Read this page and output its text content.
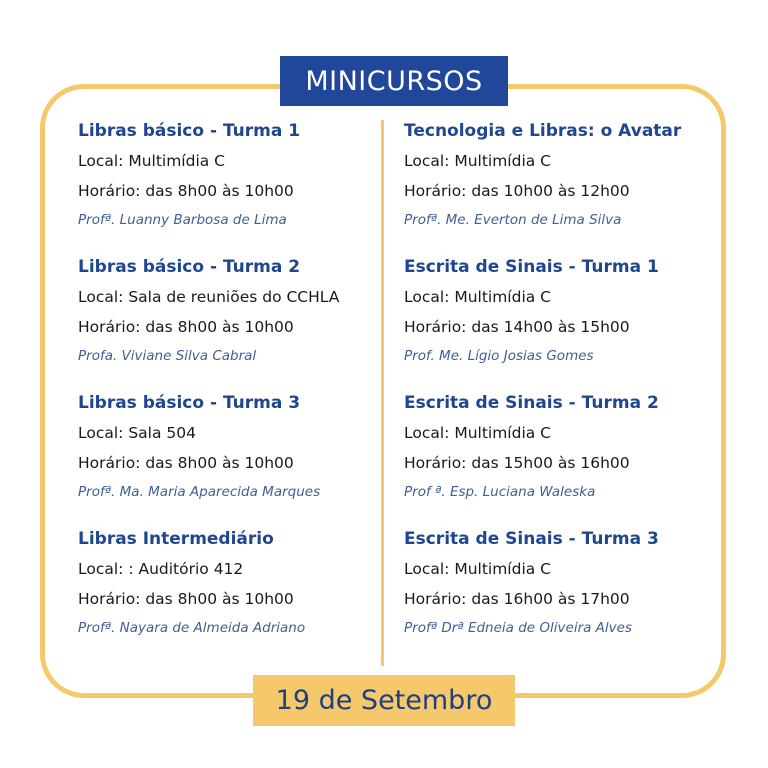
MINICURSOS
Libras básico - Turma 1
Local: Multimídia C
Horário: das 8h00 às 10h00
Profª. Luanny Barbosa de Lima
Libras básico - Turma 2
Local: Sala de reuniões do CCHLA
Horário: das 8h00 às 10h00
Profa. Viviane Silva Cabral
Libras básico - Turma 3
Local: Sala 504
Horário: das 8h00 às 10h00
Profª. Ma. Maria Aparecida Marques
Libras Intermediário
Local: : Auditório 412
Horário: das 8h00 às 10h00
Profª. Nayara de Almeida Adriano
Tecnologia e Libras: o Avatar
Local: Multimídia C
Horário: das 10h00 às 12h00
Profª. Me. Everton de Lima Silva
Escrita de Sinais - Turma 1
Local: Multimídia C
Horário: das 14h00 às 15h00
Prof. Me. Lígio Josias Gomes
Escrita de Sinais - Turma 2
Local: Multimídia C
Horário: das 15h00 às 16h00
Prof ª. Esp. Luciana Waleska
Escrita de Sinais - Turma 3
Local: Multimídia C
Horário: das 16h00 às 17h00
Profª Drª Edneia de Oliveira Alves
19 de Setembro
